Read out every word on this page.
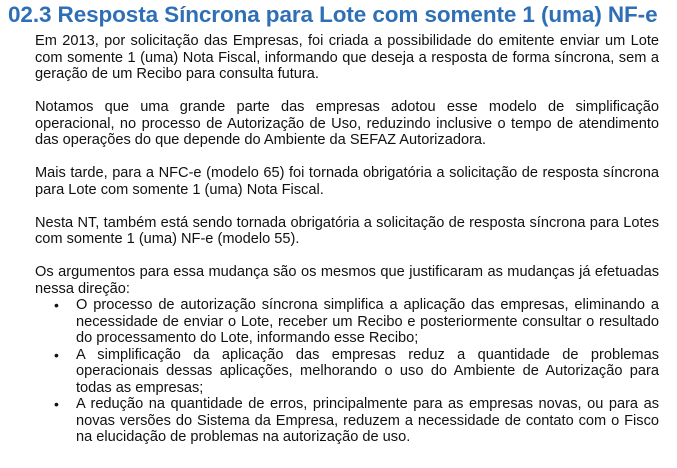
02.3 Resposta Síncrona para Lote com somente 1 (uma) NF-e

Em 2013, por solicitação das Empresas, foi criada a possibilidade do emitente enviar um Lote com somente 1 (uma) Nota Fiscal, informando que deseja a resposta de forma síncrona, sem a geração de um Recibo para consulta futura.

Notamos que uma grande parte das empresas adotou esse modelo de simplificação operacional, no processo de Autorização de Uso, reduzindo inclusive o tempo de atendimento das operações do que depende do Ambiente da SEFAZ Autorizadora.

Mais tarde, para a NFC-e (modelo 65) foi tornada obrigatória a solicitação de resposta síncrona para Lote com somente 1 (uma) Nota Fiscal.

Nesta NT, também está sendo tornada obrigatória a solicitação de resposta síncrona para Lotes com somente 1 (uma) NF-e (modelo 55).

Os argumentos para essa mudança são os mesmos que justificaram as mudanças já efetuadas nessa direção:

• O processo de autorização síncrona simplifica a aplicação das empresas, eliminando a necessidade de enviar o Lote, receber um Recibo e posteriormente consultar o resultado do processamento do Lote, informando esse Recibo;
• A simplificação da aplicação das empresas reduz a quantidade de problemas operacionais dessas aplicações, melhorando o uso do Ambiente de Autorização para todas as empresas;
• A redução na quantidade de erros, principalmente para as empresas novas, ou para as novas versões do Sistema da Empresa, reduzem a necessidade de contato com o Fisco na elucidação de problemas na autorização de uso.
